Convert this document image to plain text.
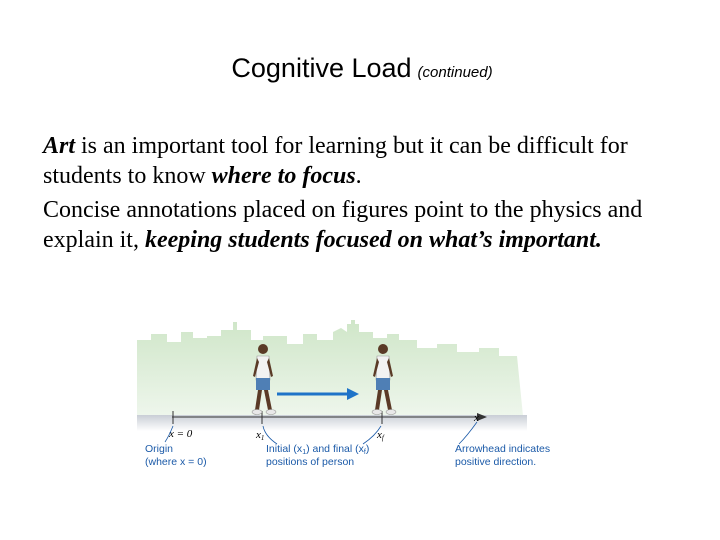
Cognitive Load (continued)

Art is an important tool for learning but it can be difficult for students to know where to focus.

Concise annotations placed on figures point to the physics and explain it, keeping students focused on what’s important.

x
x = 0	x1	xf
Origin
(where x = 0)
Initial (x1) and final (xf)
positions of person
Arrowhead indicates
positive direction.
